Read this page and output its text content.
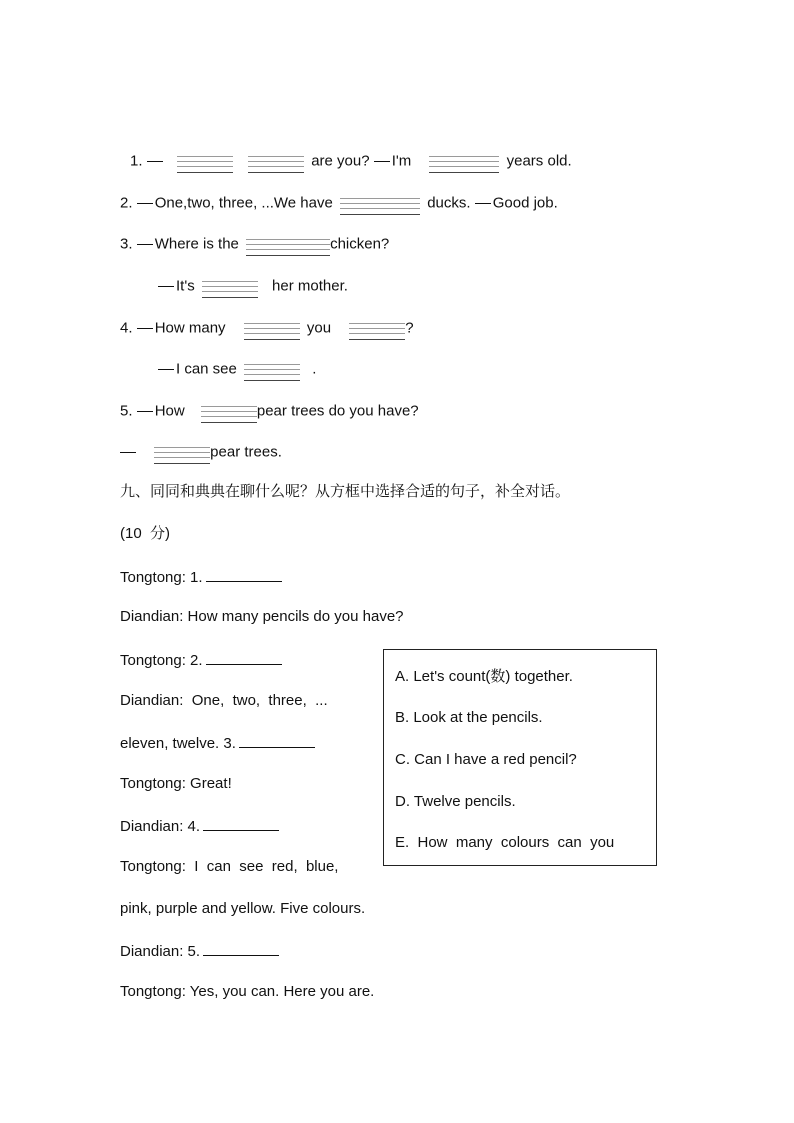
1.	are you? I'm	years old.
2. One,two, three, ...We have	ducks. Good job.
3. Where is the	chicken?
It's	her mother.
4. How many	you	?
I can see	.
5. How	pear trees do you have?
pear trees.
九、同同和典典在聊什么呢？从方框中选择合适的句子，补全对话。
(10  分)
Tongtong: 1.
Diandian: How many pencils do you have?
Tongtong: 2.
Diandian:  One,  two,  three,  ...
eleven, twelve. 3.
Tongtong: Great!
Diandian: 4.
Tongtong:  I  can  see  red,  blue,
pink, purple and yellow. Five colours.
Diandian: 5.
Tongtong: Yes, you can. Here you are.
A. Let's count(数) together.
B. Look at the pencils.
C. Can I have a red pencil?
D. Twelve pencils.
E.  How  many  colours  can  you
